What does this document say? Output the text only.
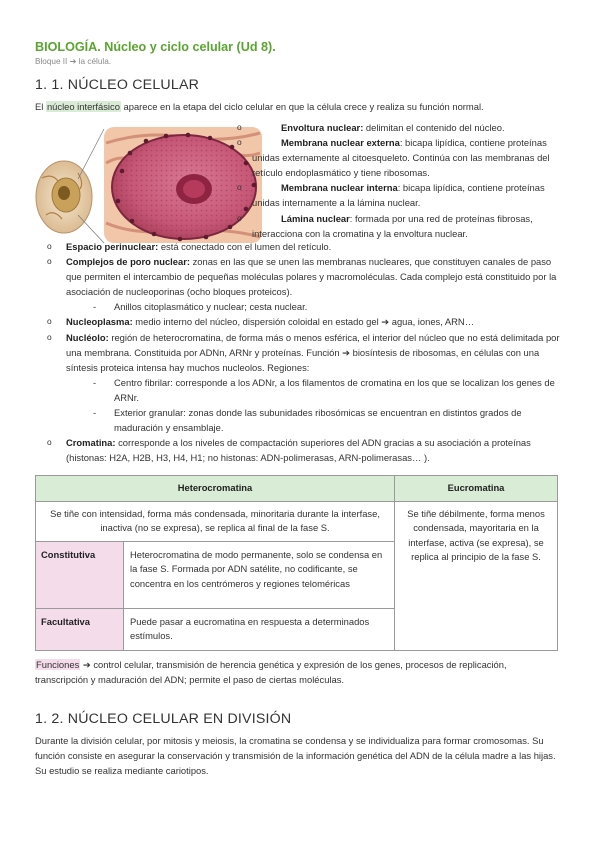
BIOLOGÍA. Núcleo y ciclo celular (Ud 8).
Bloque II ➔ la célula.
1. 1. NÚCLEO CELULAR
El núcleo interfásico aparece en la etapa del ciclo celular en que la célula crece y realiza su función normal.
o Envoltura nuclear: delimitan el contenido del núcleo.
o Membrana nuclear externa: bicapa lipídica, contiene proteínas unidas externamente al citoesqueleto. Continúa con las membranas del retículo endoplasmático y tiene ribosomas.
o Membrana nuclear interna: bicapa lipídica, contiene proteínas unidas internamente a la lámina nuclear.
o Lámina nuclear: formada por una red de proteínas fibrosas, interacciona con la cromatina y la envoltura nuclear.
o Espacio perinuclear: está conectado con el lumen del retículo.
o Complejos de poro nuclear: zonas en las que se unen las membranas nucleares, que constituyen canales de paso que permiten el intercambio de pequeñas moléculas polares y macromoléculas. Cada complejo está constituido por la asociación de nucleoporinas (ocho bloques proteicos).
- Anillos citoplasmático y nuclear; cesta nuclear.
o Nucleoplasma: medio interno del núcleo, dispersión coloidal en estado gel ➔ agua, iones, ARN…
o Nucléolo: región de heterocromatina, de forma más o menos esférica, el interior del núcleo que no está delimitada por una membrana. Constituida por ADNn, ARNr y proteínas. Función ➔ biosíntesis de ribosomas, en células con una síntesis proteica intensa hay muchos nucleolos. Regiones:
- Centro fibrilar: corresponde a los ADNr, a los filamentos de cromatina en los que se localizan los genes de ARNr.
- Exterior granular: zonas donde las subunidades ribosómicas se encuentran en distintos grados de maduración y ensamblaje.
o Cromatina: corresponde a los niveles de compactación superiores del ADN gracias a su asociación a proteínas (histonas: H2A, H2B, H3, H4, H1; no histonas: ADN-polimerasas, ARN-polimerasas… ).
Heterocromatina		Eucromatina
Se tiñe con intensidad, forma más condensada, minoritaria durante la interfase, inactiva (no se expresa), se replica al final de la fase S.		Se tiñe débilmente, forma menos condensada, mayoritaria en la interfase, activa (se expresa), se replica al principio de la fase S.
Constitutiva	Heterocromatina de modo permanente, solo se condensa en la fase S. Formada por ADN satélite, no codificante, se concentra en los centrómeros y regiones teloméricas	
Facultativa	Puede pasar a eucromatina en respuesta a determinados estímulos.	
Funciones ➔ control celular, transmisión de herencia genética y expresión de los genes, procesos de replicación, transcripción y maduración del ADN; permite el paso de ciertas moléculas.
1. 2. NÚCLEO CELULAR EN DIVISIÓN
Durante la división celular, por mitosis y meiosis, la cromatina se condensa y se individualiza para formar cromosomas. Su función consiste en asegurar la conservación y transmisión de la información genética del ADN de la célula madre a las hijas. Su estudio se realiza mediante cariotipos.
